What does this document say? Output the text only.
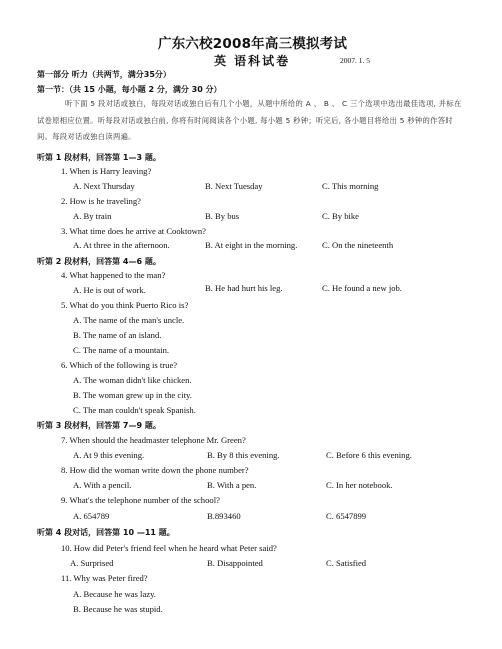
广东六校2008年高三模拟考试
英 语科试卷	2007. 1. 5
第一部分 听力（共两节，满分35分）
第一节：（共 15 小题，每小题 2 分，满分 30 分）
听下面 5 段对话或独白，每段对话或独白后有几个小题，从题中所给的 A 、 B 、 C 三个选项中选出最佳选项, 并标在试卷原相应位置。听每段对话或独白前, 你将有时间阅读各个小题, 每小题 5 秒钟；听完后, 各小题目将给出 5 秒钟的作答时间。每段对话或独白读两遍。
听第 1 段材料，回答第 1—3 题。
1. When is Harry leaving?
A. Next Thursday	B. Next Tuesday	C. This morning
2. How is he traveling?
A. By train	B. By bus	C. By bike
3. What time does he arrive at Cooktown?
A. At three in the afternoon.	B. At eight in the morning.	C. On the nineteenth
听第 2 段材料，回答第 4—6 题。
4. What happened to the man?
A. He is out of work.	B. He had hurt his leg.	C. He found a new job.
5. What do you think Puerto Rico is?
A. The name of the man's uncle.
B. The name of an island.
C. The name of a mountain.
6. Which of the following is true?
A. The woman didn't like chicken.
B. The woman grew up in the city.
C. The man couldn't speak Spanish.
听第 3 段材料，回答第 7—9 题。
7. When should the headmaster telephone Mr. Green?
A. At 9 this evening.	B. By 8 this evening.	C. Before 6 this evening.
8. How did the woman write down the phone number?
A. With a pencil.	B. With a pen.	C. In her notebook.
9. What's the telephone number of the school?
A. 654789	B.893460	C. 6547899
听第 4 段对话，回答第 10 —11 题。
10. How did Peter's friend feel when he heard what Peter said?
A. Surprised	B. Disappointed	C. Satisfied
11. Why was Peter fired?
A. Because he was lazy.
B. Because he was stupid.
